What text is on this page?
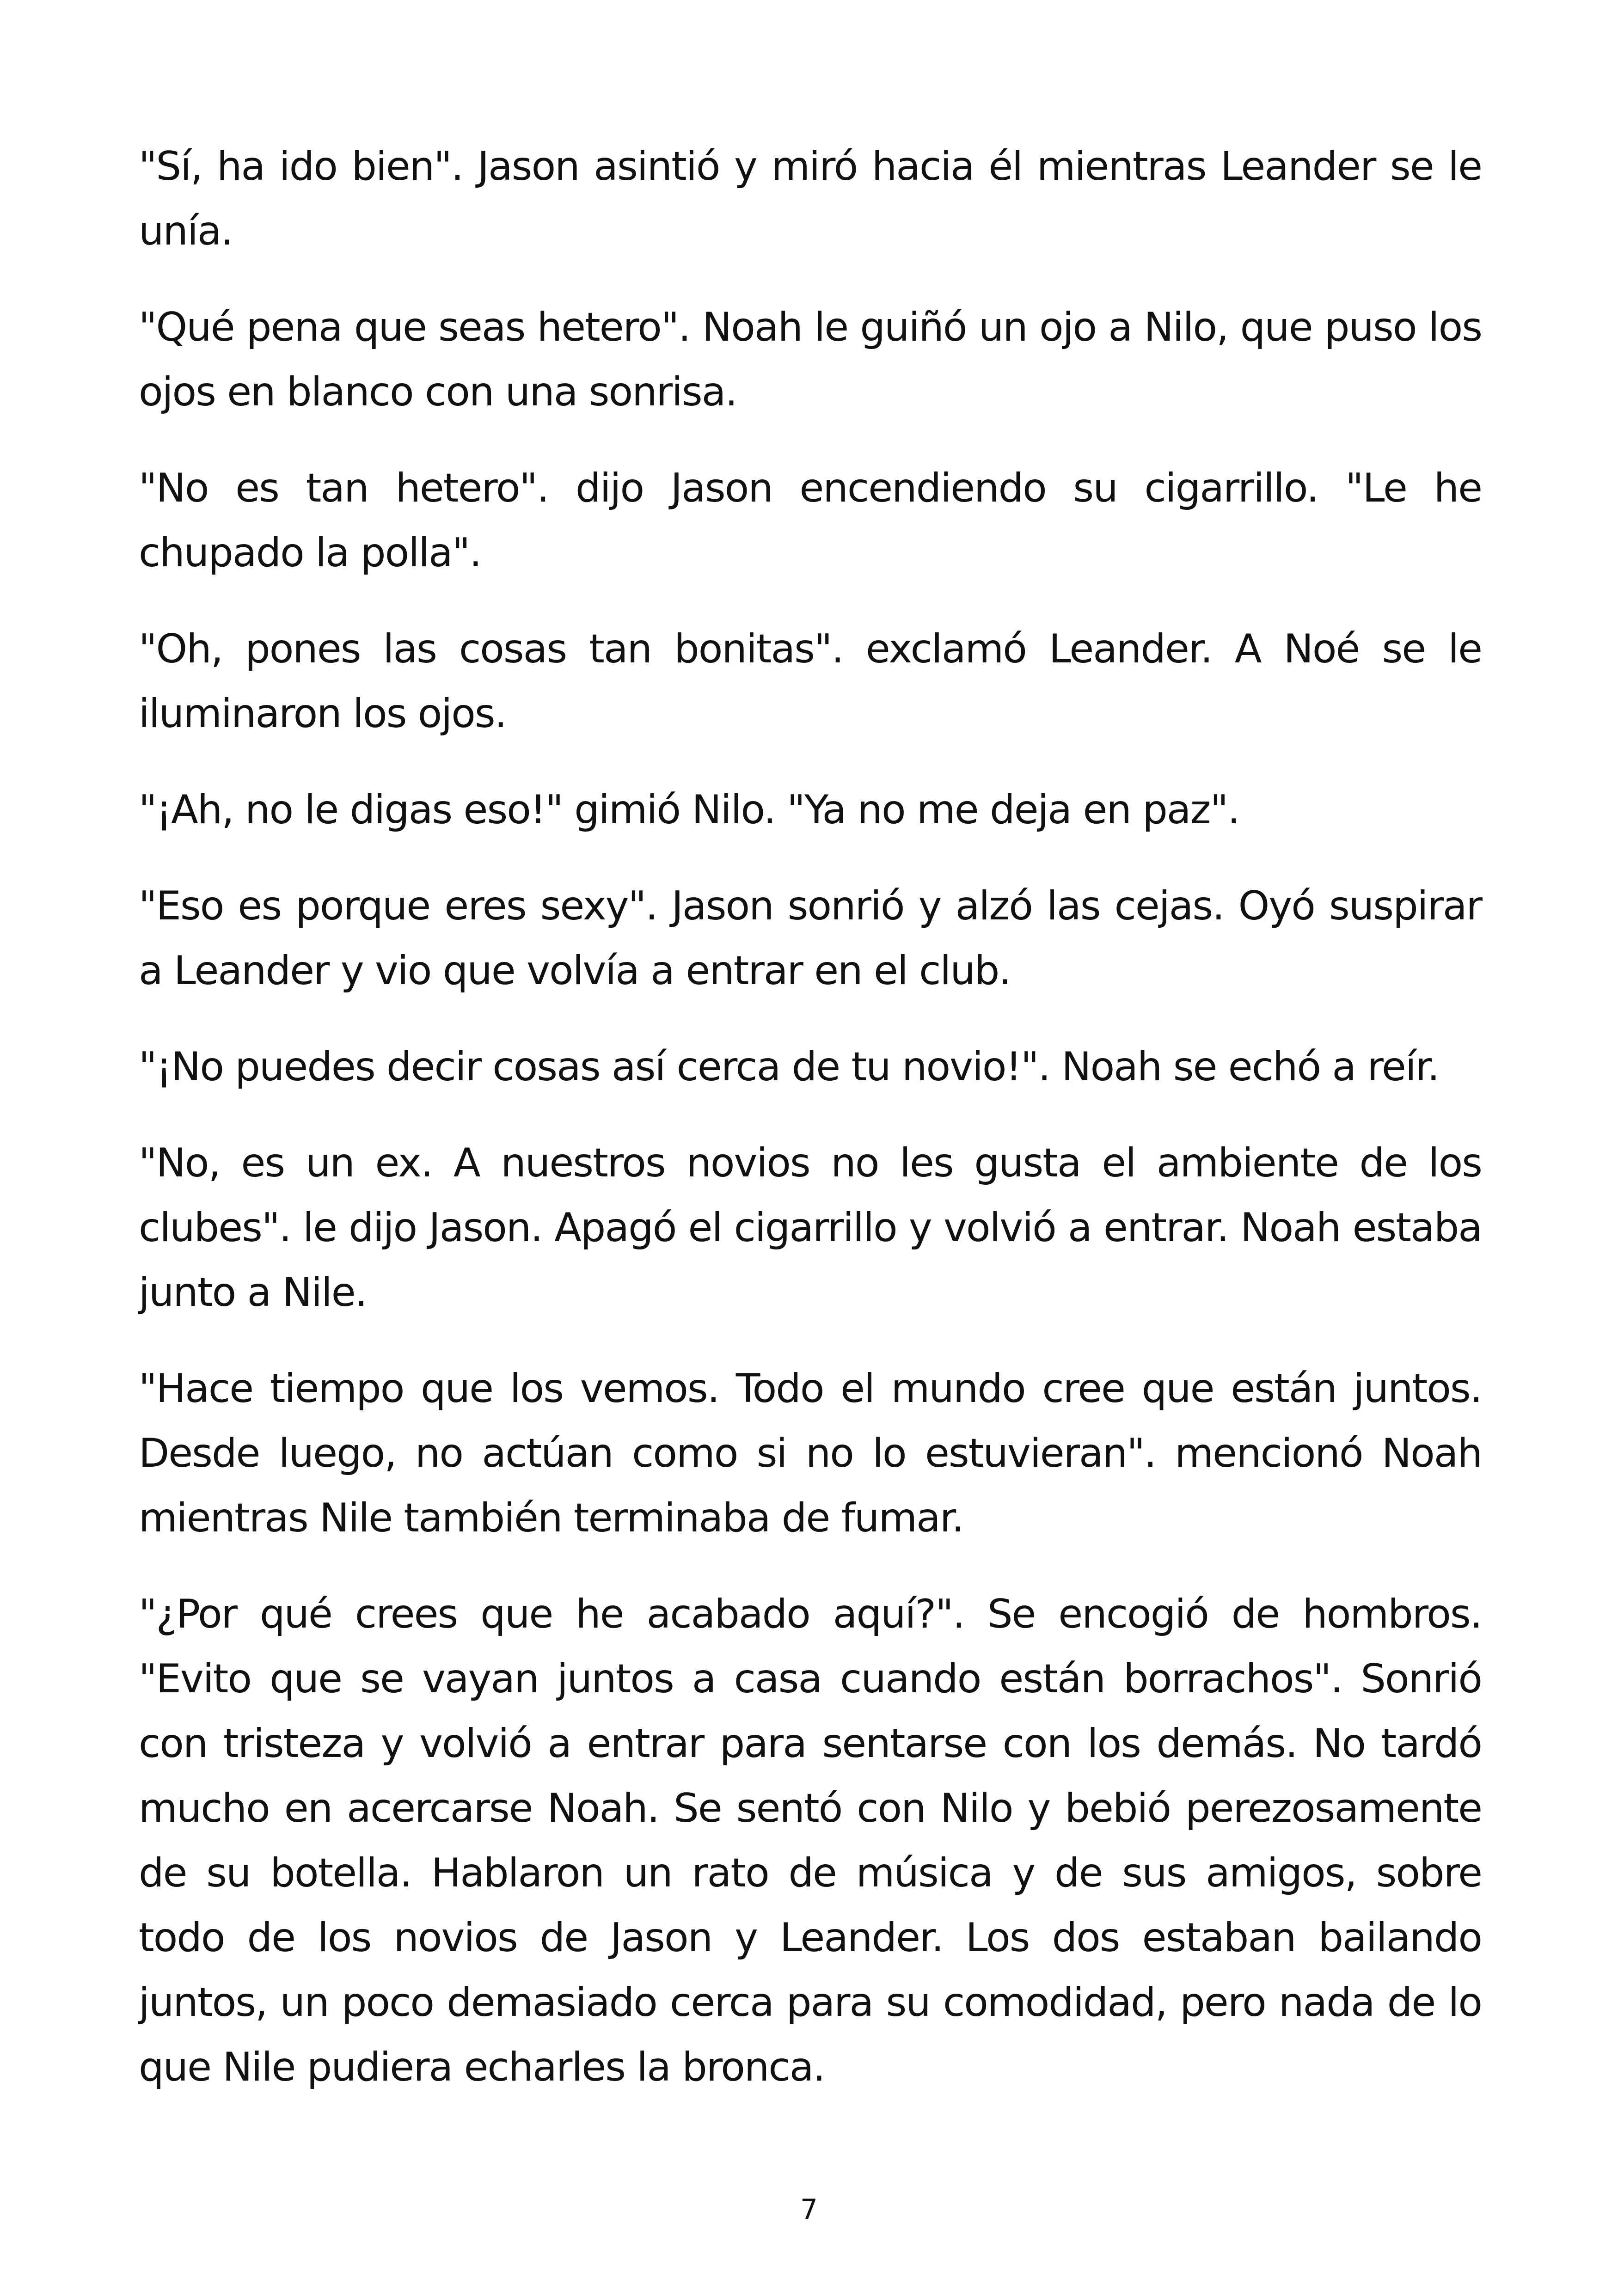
"Sí, ha ido bien". Jason asintió y miró hacia él mientras Leander se le unía.

"Qué pena que seas hetero". Noah le guiñó un ojo a Nilo, que puso los ojos en blanco con una sonrisa.

"No es tan hetero". dijo Jason encendiendo su cigarrillo. "Le he chupado la polla".

"Oh, pones las cosas tan bonitas". exclamó Leander. A Noé se le iluminaron los ojos.

"¡Ah, no le digas eso!" gimió Nilo. "Ya no me deja en paz".

"Eso es porque eres sexy". Jason sonrió y alzó las cejas. Oyó suspirar a Leander y vio que volvía a entrar en el club.

"¡No puedes decir cosas así cerca de tu novio!". Noah se echó a reír.

"No, es un ex. A nuestros novios no les gusta el ambiente de los clubes". le dijo Jason. Apagó el cigarrillo y volvió a entrar. Noah estaba junto a Nile.

"Hace tiempo que los vemos. Todo el mundo cree que están juntos. Desde luego, no actúan como si no lo estuvieran". mencionó Noah mientras Nile también terminaba de fumar.

"¿Por qué crees que he acabado aquí?". Se encogió de hombros. "Evito que se vayan juntos a casa cuando están borrachos". Sonrió con tristeza y volvió a entrar para sentarse con los demás. No tardó mucho en acercarse Noah. Se sentó con Nilo y bebió perezosamente de su botella. Hablaron un rato de música y de sus amigos, sobre todo de los novios de Jason y Leander. Los dos estaban bailando juntos, un poco demasiado cerca para su comodidad, pero nada de lo que Nile pudiera echarles la bronca.

7
